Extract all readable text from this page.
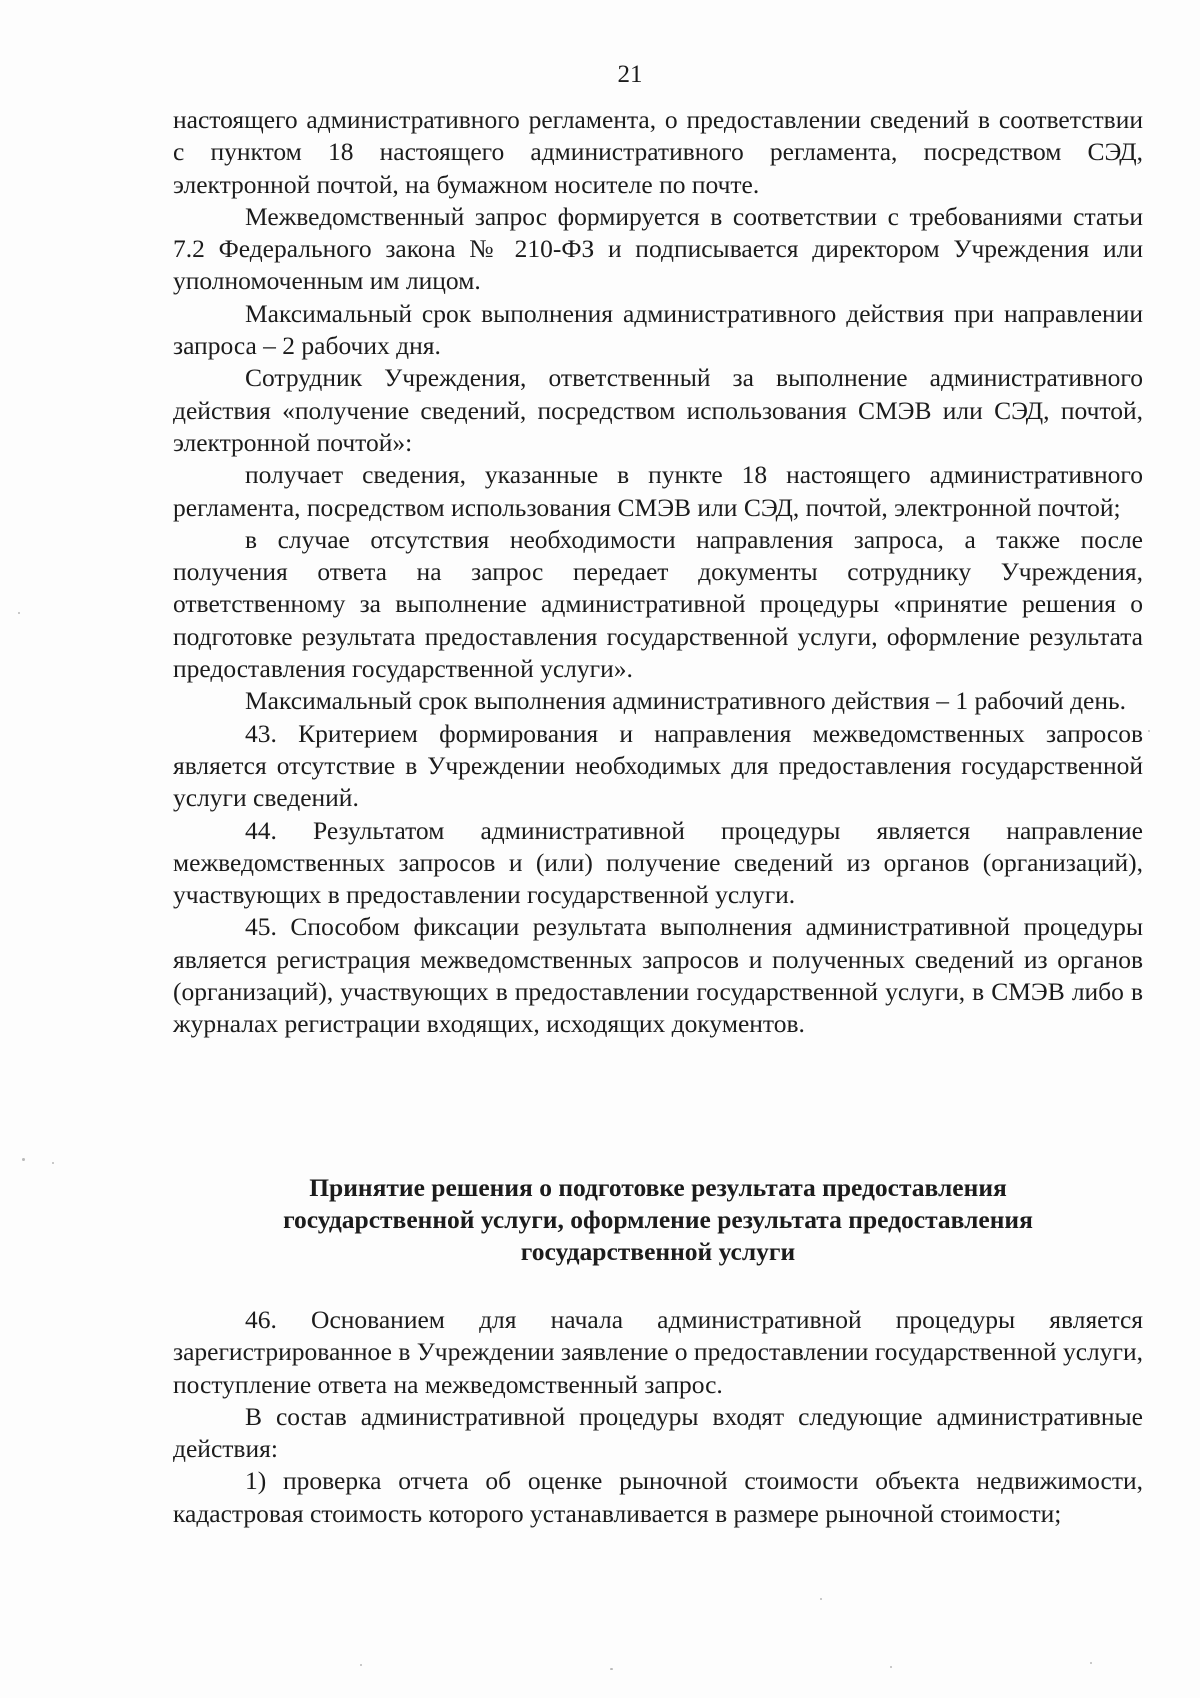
21

настоящего административного регламента, о предоставлении сведений в соответствии с пунктом 18 настоящего административного регламента, посредством СЭД, электронной почтой, на бумажном носителе по почте.

Межведомственный запрос формируется в соответствии с требованиями статьи 7.2 Федерального закона № 210-ФЗ и подписывается директором Учреждения или уполномоченным им лицом.

Максимальный срок выполнения административного действия при направлении запроса – 2 рабочих дня.

Сотрудник Учреждения, ответственный за выполнение административного действия «получение сведений, посредством использования СМЭВ или СЭД, почтой, электронной почтой»:

получает сведения, указанные в пункте 18 настоящего административного регламента, посредством использования СМЭВ или СЭД, почтой, электронной почтой;

в случае отсутствия необходимости направления запроса, а также после получения ответа на запрос передает документы сотруднику Учреждения, ответственному за выполнение административной процедуры «принятие решения о подготовке результата предоставления государственной услуги, оформление результата предоставления государственной услуги».

Максимальный срок выполнения административного действия – 1 рабочий день.

43. Критерием формирования и направления межведомственных запросов является отсутствие в Учреждении необходимых для предоставления государственной услуги сведений.

44. Результатом административной процедуры является направление межведомственных запросов и (или) получение сведений из органов (организаций), участвующих в предоставлении государственной услуги.

45. Способом фиксации результата выполнения административной процедуры является регистрация межведомственных запросов и полученных сведений из органов (организаций), участвующих в предоставлении государственной услуги, в СМЭВ либо в журналах регистрации входящих, исходящих документов.

Принятие решения о подготовке результата предоставления
государственной услуги, оформление результата предоставления
государственной услуги

46. Основанием для начала административной процедуры является зарегистрированное в Учреждении заявление о предоставлении государственной услуги, поступление ответа на межведомственный запрос.

В состав административной процедуры входят следующие административные действия:

1) проверка отчета об оценке рыночной стоимости объекта недвижимости, кадастровая стоимость которого устанавливается в размере рыночной стоимости;
